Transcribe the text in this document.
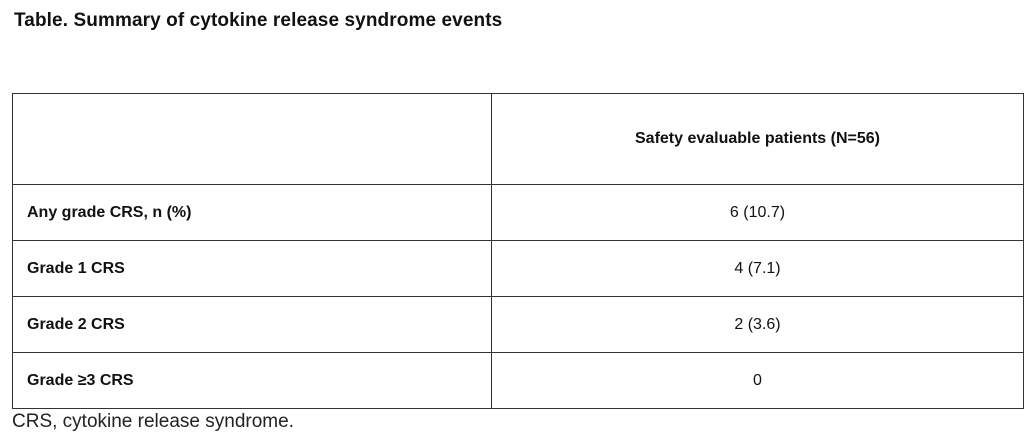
Table. Summary of cytokine release syndrome events
	Safety evaluable patients (N=56)
Any grade CRS, n (%)	6 (10.7)
Grade 1 CRS	4 (7.1)
Grade 2 CRS	2 (3.6)
Grade ≥3 CRS	0
CRS, cytokine release syndrome.
